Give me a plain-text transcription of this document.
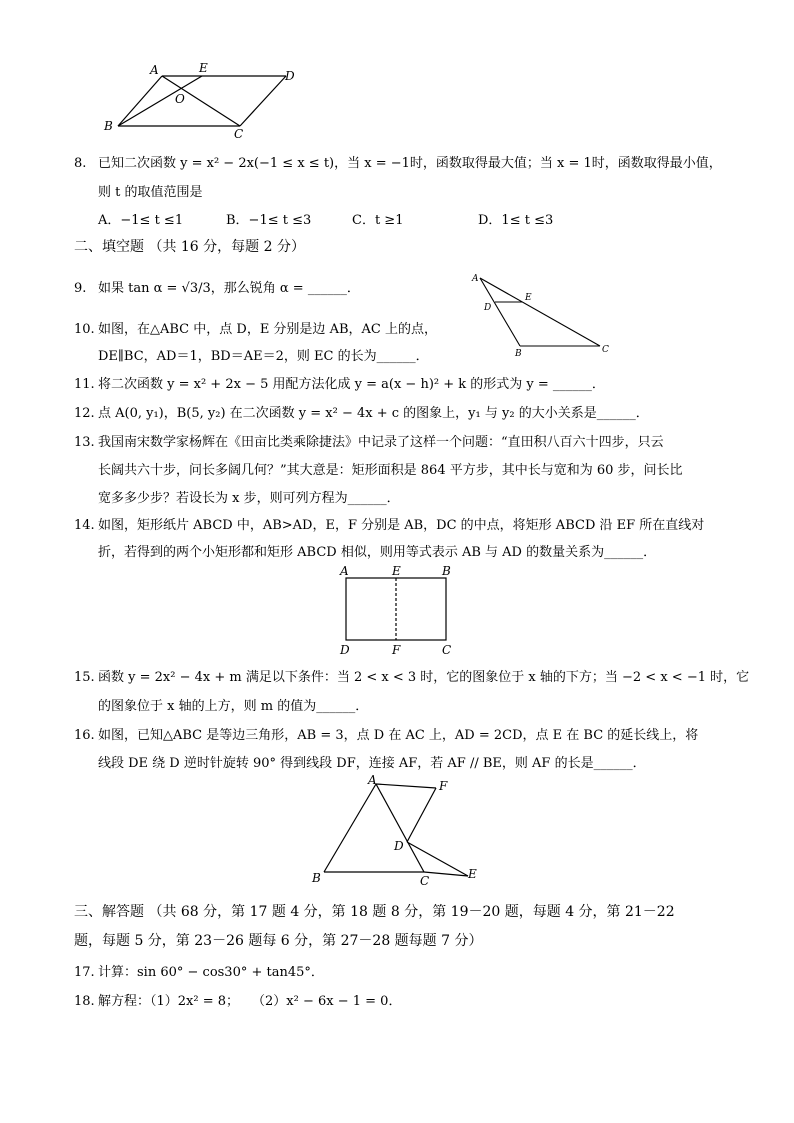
A	E
D
O
B
C
8. 已知二次函数 y = x² − 2x(−1 ≤ x ≤ t)，当 x = −1时，函数取得最大值；当 x = 1时，函数取得最小值，
则 t 的取值范围是
A．−1≤ t ≤1	B．−1≤ t ≤3	C．t ≥1	D．1≤ t ≤3
二、填空题 （共 16 分，每题 2 分）
9. 如果 tan α = √3/3，那么锐角 α = ______．
A
D
E
B	C
10. 如图，在△ABC 中，点 D，E 分别是边 AB，AC 上的点，
DE∥BC，AD＝1，BD＝AE＝2，则 EC 的长为______．
11. 将二次函数 y = x² + 2x − 5 用配方法化成 y = a(x − h)² + k 的形式为 y = ______．
12. 点 A(0, y₁)，B(5, y₂) 在二次函数 y = x² − 4x + c 的图象上，y₁ 与 y₂ 的大小关系是______．
13. 我国南宋数学家杨辉在《田亩比类乘除捷法》中记录了这样一个问题：“直田积八百六十四步，只云
长阔共六十步，问长多阔几何？”其大意是：矩形面积是 864 平方步，其中长与宽和为 60 步，问长比
宽多多少步？若设长为 x 步，则可列方程为______．
14. 如图，矩形纸片 ABCD 中，AB>AD，E，F 分别是 AB，DC 的中点，将矩形 ABCD 沿 EF 所在直线对
折，若得到的两个小矩形都和矩形 ABCD 相似，则用等式表示 AB 与 AD 的数量关系为______．
A	E	B
D	F	C
15. 函数 y = 2x² − 4x + m 满足以下条件：当 2 < x < 3 时，它的图象位于 x 轴的下方；当 −2 < x < −1 时，它
的图象位于 x 轴的上方，则 m 的值为______．
16. 如图，已知△ABC 是等边三角形，AB = 3，点 D 在 AC 上，AD = 2CD，点 E 在 BC 的延长线上，将
线段 DE 绕 D 逆时针旋转 90° 得到线段 DF，连接 AF，若 AF // BE，则 AF 的长是______．
A	F
D
B	C	E
三、解答题 （共 68 分，第 17 题 4 分，第 18 题 8 分，第 19－20 题，每题 4 分，第 21－22
题，每题 5 分，第 23－26 题每 6 分，第 27－28 题每题 7 分）
17. 计算：sin 60° − cos30° + tan45°．
18. 解方程：（1）2x² = 8；　　（2）x² − 6x − 1 = 0．
